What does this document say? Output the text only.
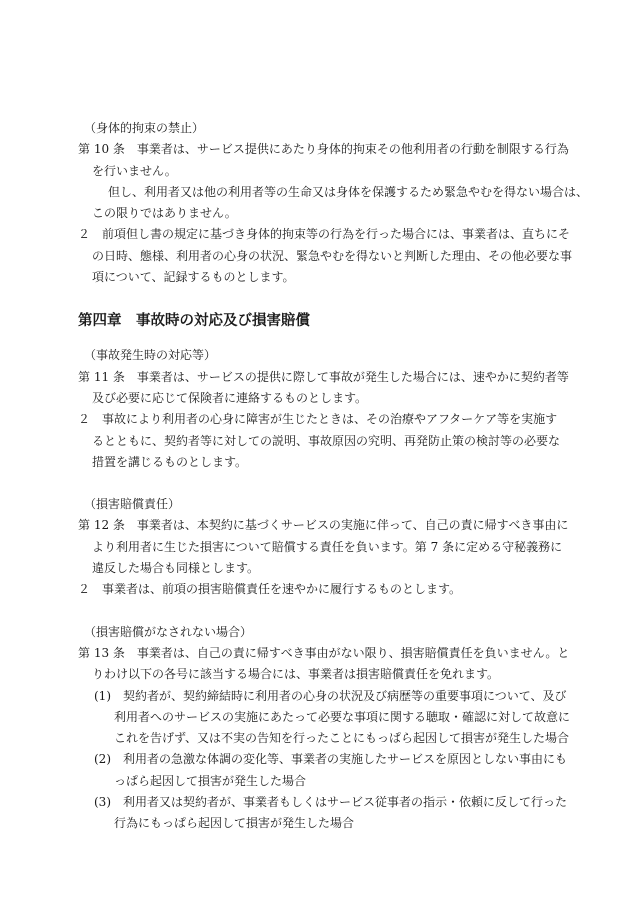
（身体的拘束の禁止）

第 10 条　事業者は、サービス提供にあたり身体的拘束その他利用者の行動を制限する行為

を行いません。

但し、利用者又は他の利用者等の生命又は身体を保護するため緊急やむを得ない場合は、

この限りではありません。

２　前項但し書の規定に基づき身体的拘束等の行為を行った場合には、事業者は、直ちにそ

の日時、態様、利用者の心身の状況、緊急やむを得ないと判断した理由、その他必要な事

項について、記録するものとします。

第四章　事故時の対応及び損害賠償

（事故発生時の対応等）

第 11 条　事業者は、サービスの提供に際して事故が発生した場合には、速やかに契約者等

及び必要に応じて保険者に連絡するものとします。

２　事故により利用者の心身に障害が生じたときは、その治療やアフターケア等を実施す

るとともに、契約者等に対しての説明、事故原因の究明、再発防止策の検討等の必要な

措置を講じるものとします。

（損害賠償責任）

第 12 条　事業者は、本契約に基づくサービスの実施に伴って、自己の責に帰すべき事由に

より利用者に生じた損害について賠償する責任を負います。第 7 条に定める守秘義務に

違反した場合も同様とします。

２　事業者は、前項の損害賠償責任を速やかに履行するものとします。

（損害賠償がなされない場合）

第 13 条　事業者は、自己の責に帰すべき事由がない限り、損害賠償責任を負いません。と

りわけ以下の各号に該当する場合には、事業者は損害賠償責任を免れます。

(1)　契約者が、契約締結時に利用者の心身の状況及び病歴等の重要事項について、及び

利用者へのサービスの実施にあたって必要な事項に関する聴取・確認に対して故意に

これを告げず、又は不実の告知を行ったことにもっぱら起因して損害が発生した場合

(2)　利用者の急激な体調の変化等、事業者の実施したサービスを原因としない事由にも

っぱら起因して損害が発生した場合

(3)　利用者又は契約者が、事業者もしくはサービス従事者の指示・依頼に反して行った

行為にもっぱら起因して損害が発生した場合
